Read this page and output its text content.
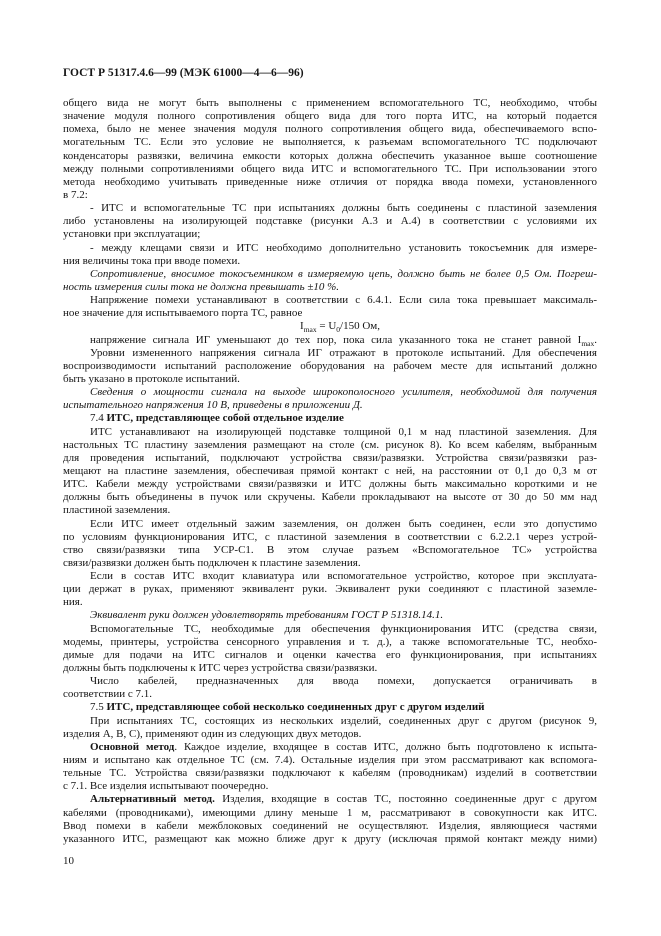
ГОСТ Р 51317.4.6—99 (МЭК 61000—4—6—96)
общего вида не могут быть выполнены с применением вспомогательного ТС, необходимо, чтобы
значение модуля полного сопротивления общего вида для того порта ИТС, на который подается
помеха, было не менее значения модуля полного сопротивления общего вида, обеспечиваемого вспо-
могательным ТС. Если это условие не выполняется, к разъемам вспомогательного ТС подключают
конденсаторы развязки, величина емкости которых должна обеспечить указанное выше соотношение
между полными сопротивлениями общего вида ИТС и вспомогательного ТС. При использовании этого
метода необходимо учитывать приведенные ниже отличия от порядка ввода помехи, установленного
в 7.2:
- ИТС и вспомогательные ТС при испытаниях должны быть соединены с пластиной заземления
либо установлены на изолирующей подставке (рисунки А.3 и А.4) в соответствии с условиями их
установки при эксплуатации;
- между клещами связи и ИТС необходимо дополнительно установить токосъемник для измере-
ния величины тока при вводе помехи.
Сопротивление, вносимое токосъемником в измеряемую цепь, должно быть не более 0,5 Ом. Погреш-
ность измерения силы тока не должна превышать ±10 %.
Напряжение помехи устанавливают в соответствии с 6.4.1. Если сила тока превышает максималь-
ное значение для испытываемого порта ТС, равное
$I_{max} = U_0/150$ Ом,
напряжение сигнала ИГ уменьшают до тех пор, пока сила указанного тока не станет равной $I_{max}$.
Уровни измененного напряжения сигнала ИГ отражают в протоколе испытаний. Для обеспечения
воспроизводимости испытаний расположение оборудования на рабочем месте для испытаний должно
быть указано в протоколе испытаний.
Сведения о мощности сигнала на выходе широкополосного усилителя, необходимой для получения
испытательного напряжения 10 В, приведены в приложении Д.
7.4 ИТС, представляющее собой отдельное изделие
ИТС устанавливают на изолирующей подставке толщиной 0,1 м над пластиной заземления. Для
настольных ТС пластину заземления размещают на столе (см. рисунок 8). Ко всем кабелям, выбранным
для проведения испытаний, подключают устройства связи/развязки. Устройства связи/развязки раз-
мещают на пластине заземления, обеспечивая прямой контакт с ней, на расстоянии от 0,1 до 0,3 м от
ИТС. Кабели между устройствами связи/развязки и ИТС должны быть максимально короткими и не
должны быть объединены в пучок или скручены. Кабели прокладывают на высоте от 30 до 50 мм над
пластиной заземления.
Если ИТС имеет отдельный зажим заземления, он должен быть соединен, если это допустимо
по условиям функционирования ИТС, с пластиной заземления в соответствии с 6.2.2.1 через устрой-
ство связи/развязки типа УСР-С1. В этом случае разъем «Вспомогательное ТС» устройства
связи/развязки должен быть подключен к пластине заземления.
Если в состав ИТС входит клавиатура или вспомогательное устройство, которое при эксплуата-
ции держат в руках, применяют эквивалент руки. Эквивалент руки соединяют с пластиной заземле-
ния.
Эквивалент руки должен удовлетворять требованиям ГОСТ Р 51318.14.1.
Вспомогательные ТС, необходимые для обеспечения функционирования ИТС (средства связи,
модемы, принтеры, устройства сенсорного управления и т. д.), а также вспомогательные ТС, необхо-
димые для подачи на ИТС сигналов и оценки качества его функционирования, при испытаниях
должны быть подключены к ИТС через устройства связи/развязки.
Число кабелей, предназначенных для ввода помехи, допускается ограничивать в
соответствии с 7.1.
7.5 ИТС, представляющее собой несколько соединенных друг с другом изделий
При испытаниях ТС, состоящих из нескольких изделий, соединенных друг с другом (рисунок 9,
изделия А, В, С), применяют один из следующих двух методов.
Основной метод. Каждое изделие, входящее в состав ИТС, должно быть подготовлено к испыта-
ниям и испытано как отдельное ТС (см. 7.4). Остальные изделия при этом рассматривают как вспомога-
тельные ТС. Устройства связи/развязки подключают к кабелям (проводникам) изделий в соответствии
с 7.1. Все изделия испытывают поочередно.
Альтернативный метод. Изделия, входящие в состав ТС, постоянно соединенные друг с другом
кабелями (проводниками), имеющими длину меньше 1 м, рассматривают в совокупности как ИТС.
Ввод помехи в кабели межблоковых соединений не осуществляют. Изделия, являющиеся частями
указанного ИТС, размещают как можно ближе друг к другу (исключая прямой контакт между ними)
10
